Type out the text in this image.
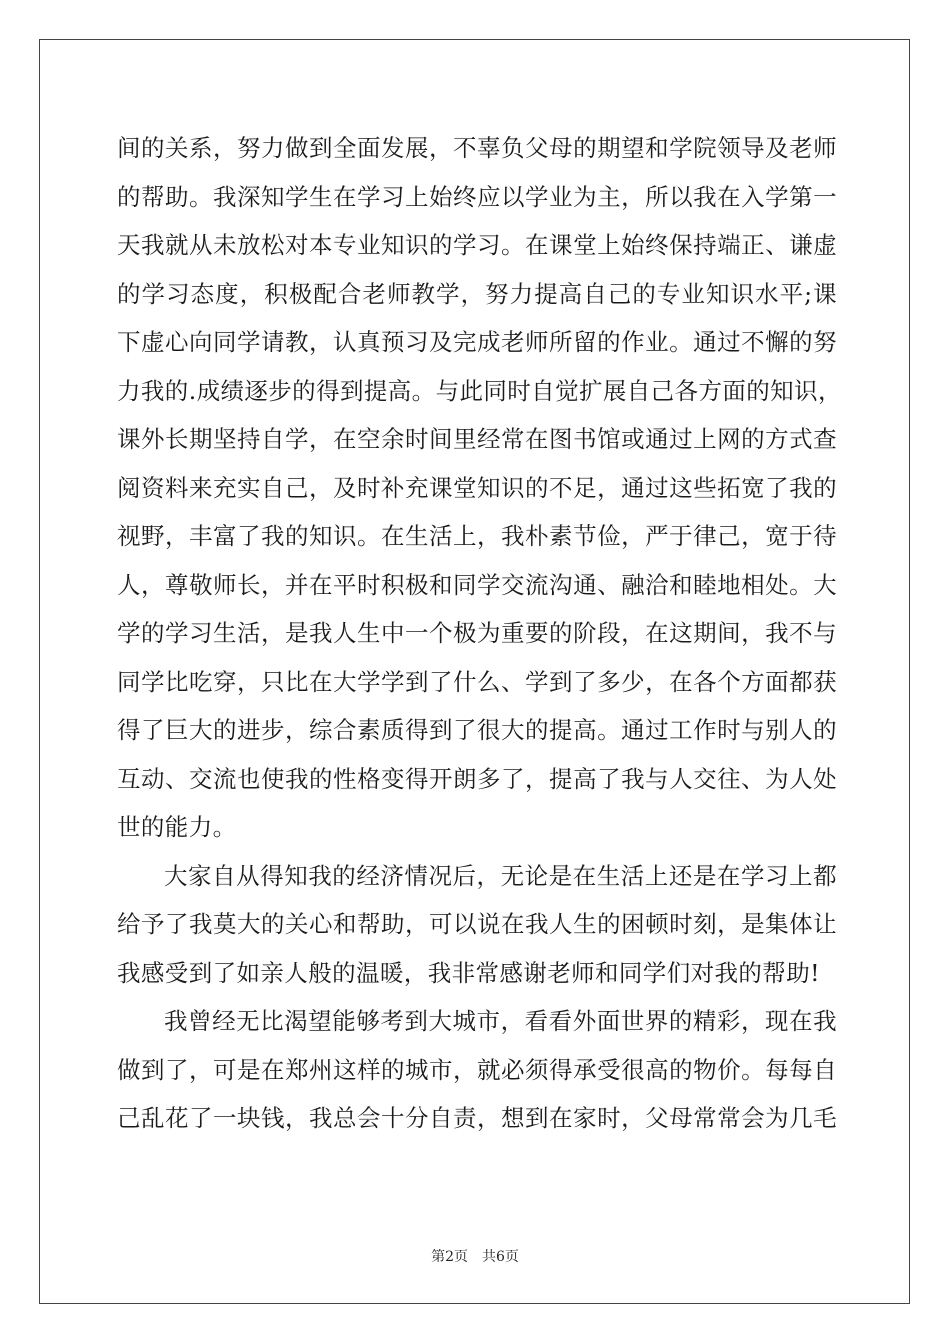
间的关系，努力做到全面发展，不辜负父母的期望和学院领导及老师
的帮助。我深知学生在学习上始终应以学业为主，所以我在入学第一
天我就从未放松对本专业知识的学习。在课堂上始终保持端正、谦虚
的学习态度，积极配合老师教学，努力提高自己的专业知识水平;课
下虚心向同学请教，认真预习及完成老师所留的作业。通过不懈的努
力我的.成绩逐步的得到提高。与此同时自觉扩展自己各方面的知识，
课外长期坚持自学，在空余时间里经常在图书馆或通过上网的方式查
阅资料来充实自己，及时补充课堂知识的不足，通过这些拓宽了我的
视野，丰富了我的知识。在生活上，我朴素节俭，严于律己，宽于待
人，尊敬师长，并在平时积极和同学交流沟通、融洽和睦地相处。大
学的学习生活，是我人生中一个极为重要的阶段，在这期间，我不与
同学比吃穿，只比在大学学到了什么、学到了多少，在各个方面都获
得了巨大的进步，综合素质得到了很大的提高。通过工作时与别人的
互动、交流也使我的性格变得开朗多了，提高了我与人交往、为人处
世的能力。
大家自从得知我的经济情况后，无论是在生活上还是在学习上都
给予了我莫大的关心和帮助，可以说在我人生的困顿时刻，是集体让
我感受到了如亲人般的温暖，我非常感谢老师和同学们对我的帮助!
我曾经无比渴望能够考到大城市，看看外面世界的精彩，现在我
做到了，可是在郑州这样的城市，就必须得承受很高的物价。每每自
己乱花了一块钱，我总会十分自责，想到在家时，父母常常会为几毛
第2页　共6页
